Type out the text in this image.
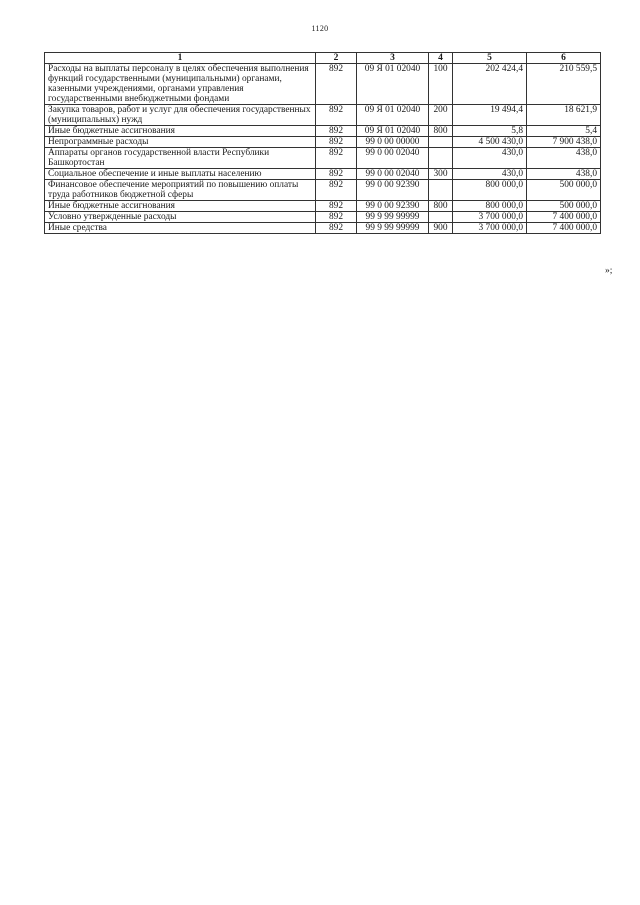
1120
1	2	3	4	5	6
Расходы на выплаты персоналу в целях обеспечения выполнения функций государственными (муниципальными) органами, казенными учреждениями, органами управления государственными внебюджетными фондами	892	09 Я 01 02040	100	202 424,4	210 559,5
Закупка товаров, работ и услуг для обеспечения государственных (муниципальных) нужд	892	09 Я 01 02040	200	19 494,4	18 621,9
Иные бюджетные ассигнования	892	09 Я 01 02040	800	5,8	5,4
Непрограммные расходы	892	99 0 00 00000		4 500 430,0	7 900 438,0
Аппараты органов государственной власти Республики Башкортостан	892	99 0 00 02040		430,0	438,0
Социальное обеспечение и иные выплаты населению	892	99 0 00 02040	300	430,0	438,0
Финансовое обеспечение мероприятий по повышению оплаты труда работников бюджетной сферы	892	99 0 00 92390		800 000,0	500 000,0
Иные бюджетные ассигнования	892	99 0 00 92390	800	800 000,0	500 000,0
Условно утвержденные расходы	892	99 9 99 99999		3 700 000,0	7 400 000,0
Иные средства	892	99 9 99 99999	900	3 700 000,0	7 400 000,0
»;
